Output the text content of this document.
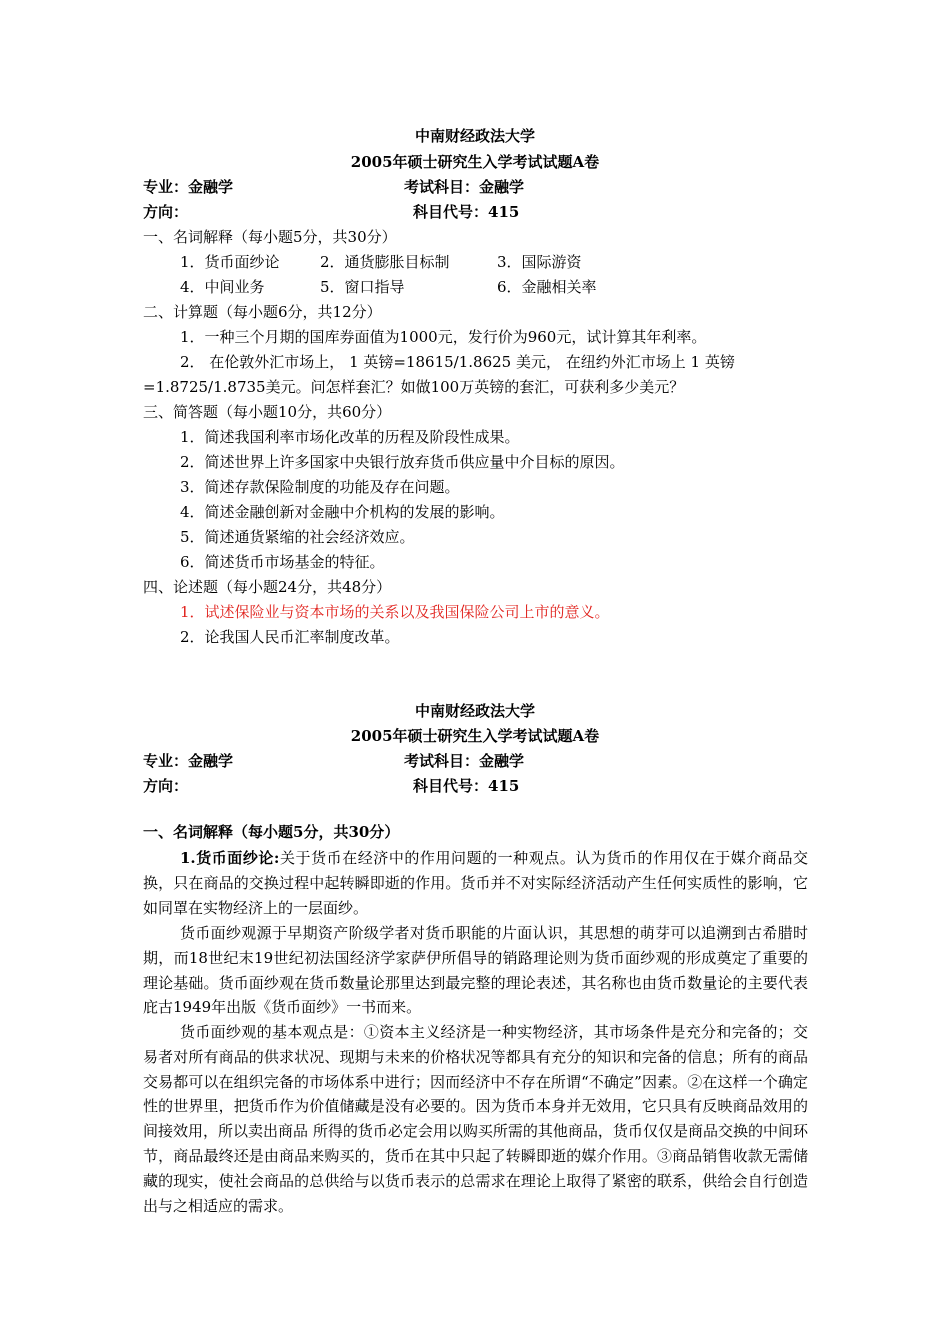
中南财经政法大学
2005年硕士研究生入学考试试题A卷
专业：金融学	考试科目：金融学
方向：	科目代号：415
一、名词解释（每小题5分，共30分）
1．货币面纱论	2．通货膨胀目标制	3．国际游资
4．中间业务	5．窗口指导	6．金融相关率
二、计算题（每小题6分，共12分）
1．一种三个月期的国库券面值为1000元，发行价为960元，试计算其年利率。
2． 在伦敦外汇市场上， 1 英镑=18615/1.8625 美元， 在纽约外汇市场上 1 英镑
=1.8725/1.8735美元。问怎样套汇？如做100万英镑的套汇，可获利多少美元？
三、简答题（每小题10分，共60分）
1．简述我国利率市场化改革的历程及阶段性成果。
2．简述世界上许多国家中央银行放弃货币供应量中介目标的原因。
3．简述存款保险制度的功能及存在问题。
4．简述金融创新对金融中介机构的发展的影响。
5．简述通货紧缩的社会经济效应。
6．简述货币市场基金的特征。
四、论述题（每小题24分，共48分）
1．试述保险业与资本市场的关系以及我国保险公司上市的意义。
2．论我国人民币汇率制度改革。
中南财经政法大学
2005年硕士研究生入学考试试题A卷
专业：金融学	考试科目：金融学
方向：	科目代号：415
一、名词解释（每小题5分，共30分）
1.货币面纱论:关于货币在经济中的作用问题的一种观点。认为货币的作用仅在于媒介商品交换，只在商品的交换过程中起转瞬即逝的作用。货币并不对实际经济活动产生任何实质性的影响，它如同罩在实物经济上的一层面纱。
货币面纱观源于早期资产阶级学者对货币职能的片面认识，其思想的萌芽可以追溯到古希腊时期，而18世纪末19世纪初法国经济学家萨伊所倡导的销路理论则为货币面纱观的形成奠定了重要的理论基础。货币面纱观在货币数量论那里达到最完整的理论表述，其名称也由货币数量论的主要代表庇古1949年出版《货币面纱》一书而来。
货币面纱观的基本观点是：①资本主义经济是一种实物经济，其市场条件是充分和完备的；交易者对所有商品的供求状况、现期与未来的价格状况等都具有充分的知识和完备的信息；所有的商品交易都可以在组织完备的市场体系中进行；因而经济中不存在所谓“不确定”因素。②在这样一个确定性的世界里，把货币作为价值储藏是没有必要的。因为货币本身并无效用，它只具有反映商品效用的间接效用，所以卖出商品 所得的货币必定会用以购买所需的其他商品，货币仅仅是商品交换的中间环节，商品最终还是由商品来购买的，货币在其中只起了转瞬即逝的媒介作用。③商品销售收款无需储藏的现实，使社会商品的总供给与以货币表示的总需求在理论上取得了紧密的联系，供给会自行创造出与之相适应的需求。
